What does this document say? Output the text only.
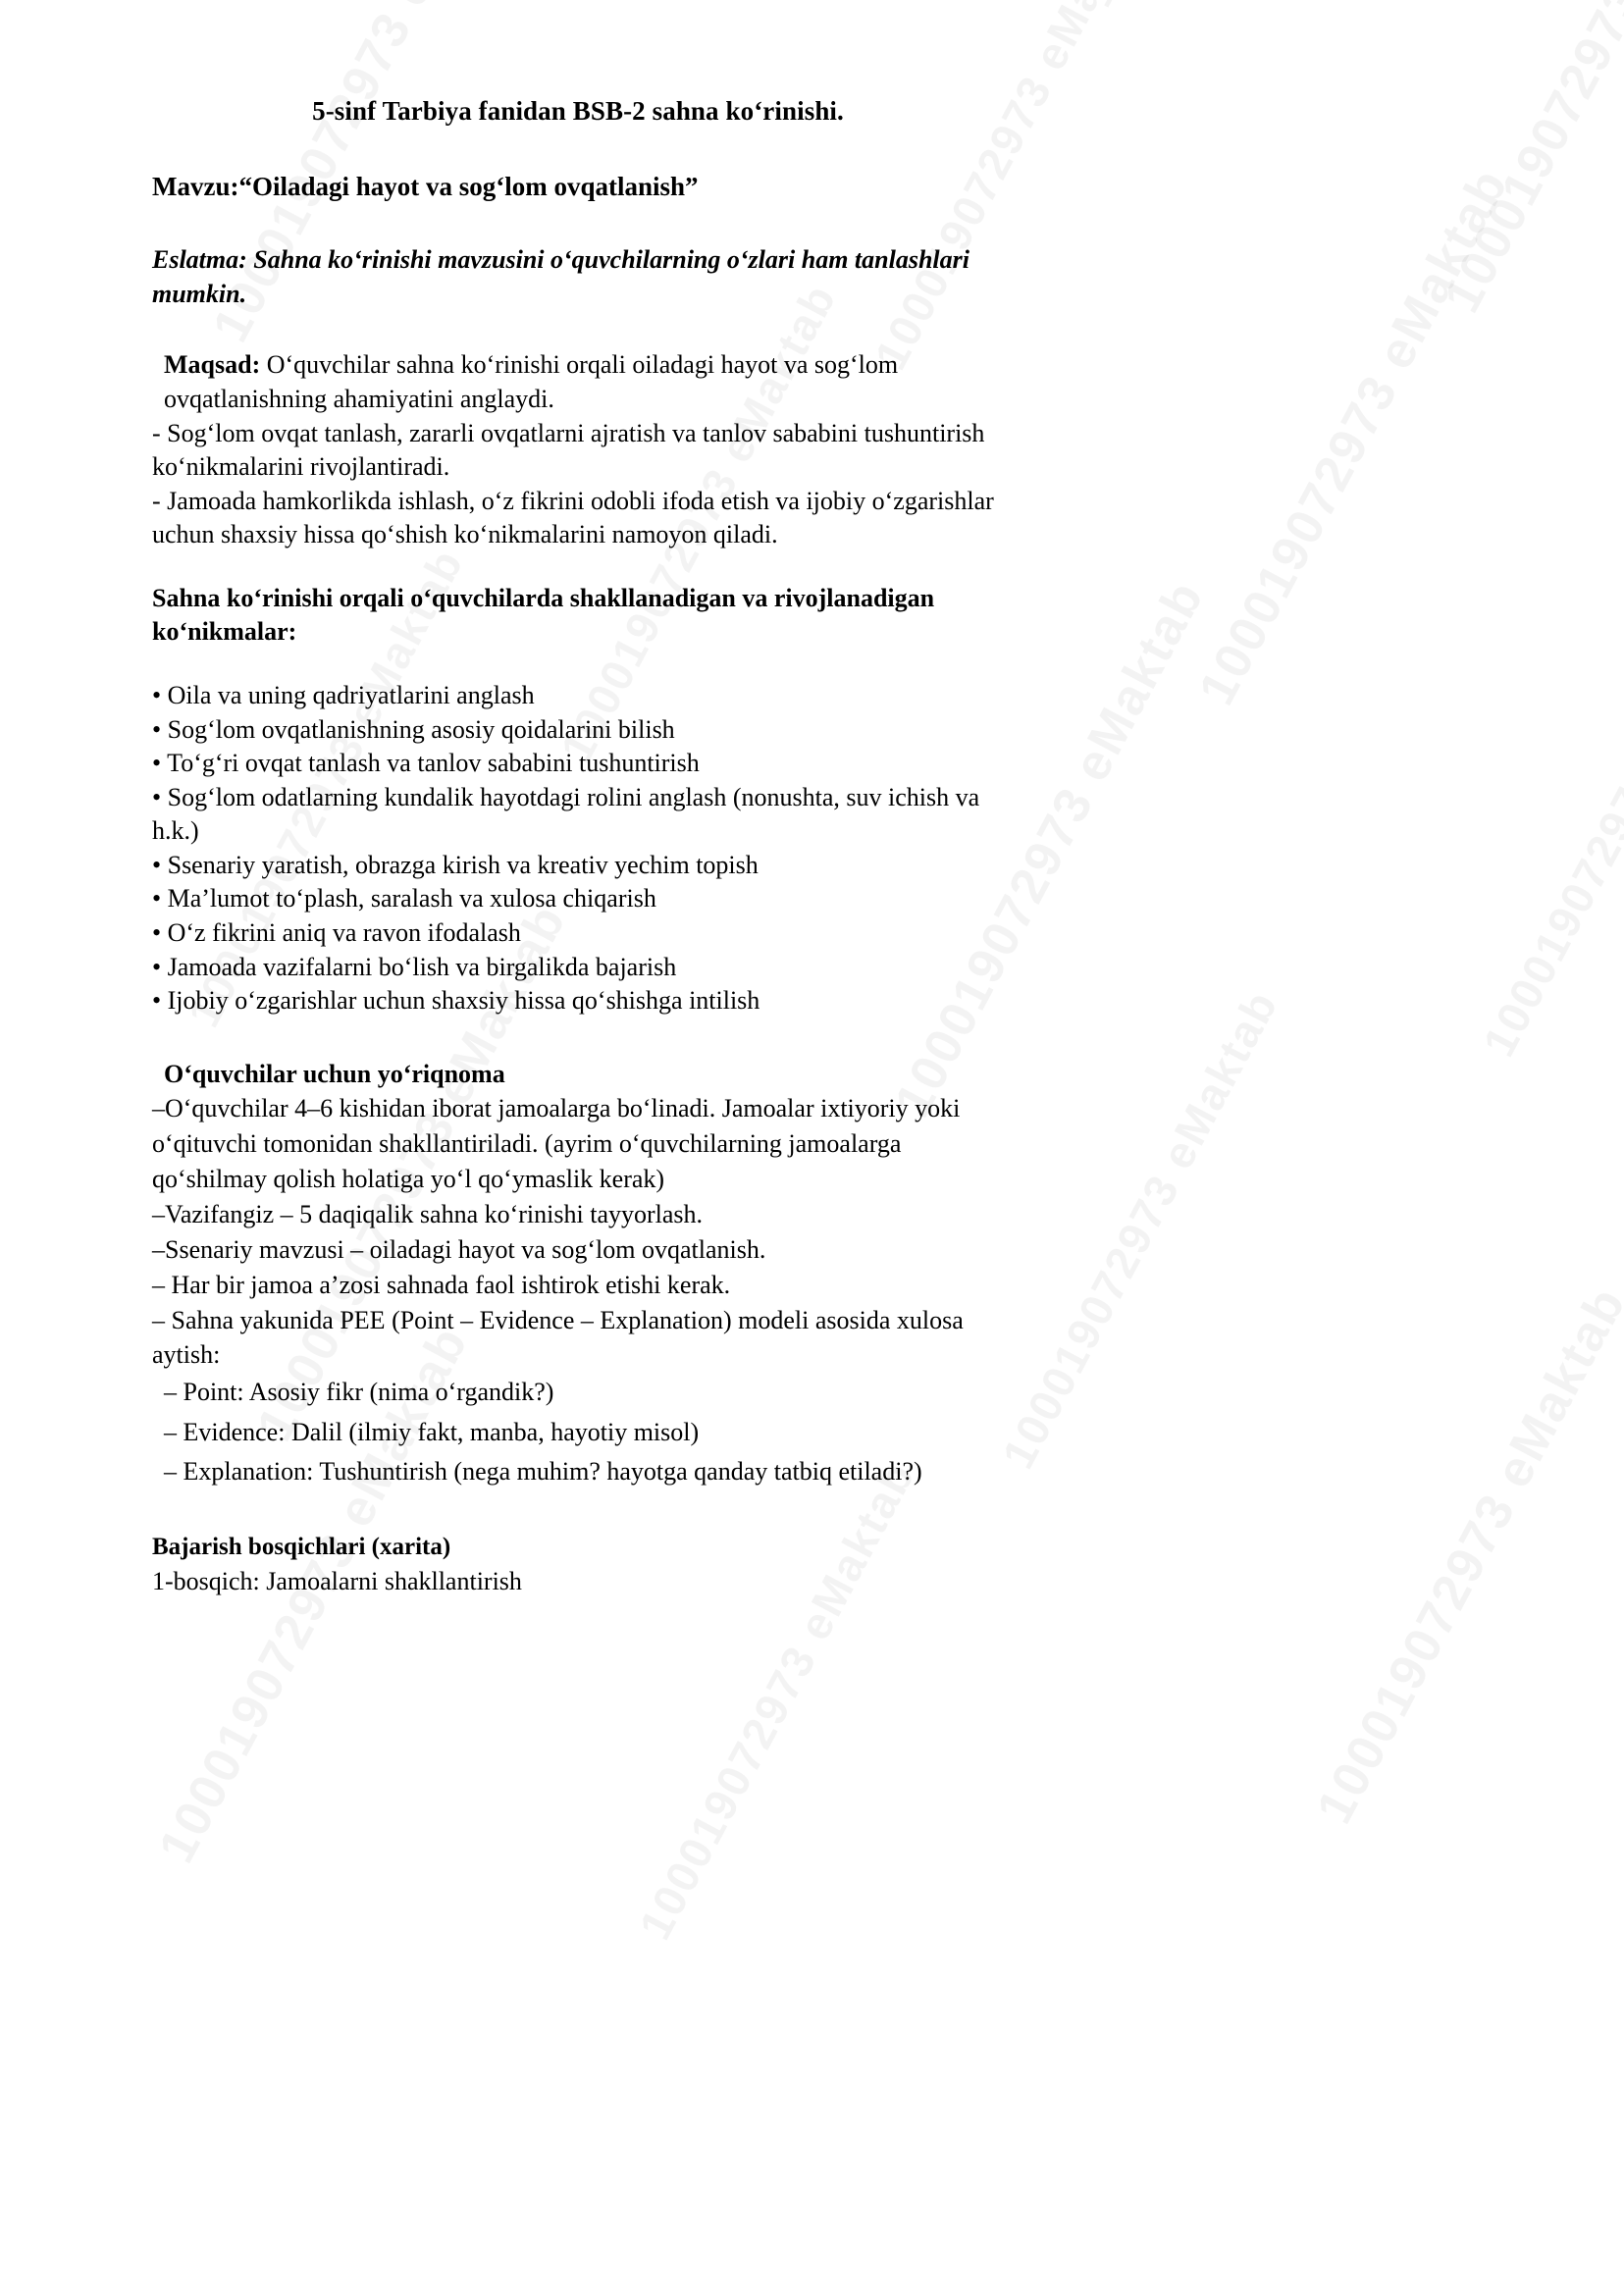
5-sinf Tarbiya fanidan BSB-2 sahna ko‘rinishi.
Mavzu:“Oiladagi hayot va sog‘lom ovqatlanish”
Eslatma: Sahna ko‘rinishi mavzusini o‘quvchilarning o‘zlari ham tanlashlari mumkin.

Maqsad: O‘quvchilar sahna ko‘rinishi orqali oiladagi hayot va sog‘lom ovqatlanishning ahamiyatini anglaydi.

- Sog‘lom ovqat tanlash, zararli ovqatlarni ajratish va tanlov sababini tushuntirish ko‘nikmalarini rivojlantiradi.
- Jamoada hamkorlikda ishlash, o‘z fikrini odobli ifoda etish va ijobiy o‘zgarishlar uchun shaxsiy hissa qo‘shish ko‘nikmalarini namoyon qiladi.
Sahna ko‘rinishi orqali o‘quvchilarda shakllanadigan va rivojlanadigan ko‘nikmalar:
• Oila va uning qadriyatlarini anglash
• Sog‘lom ovqatlanishning asosiy qoidalarini bilish
• To‘g‘ri ovqat tanlash va tanlov sababini tushuntirish
• Sog‘lom odatlarning kundalik hayotdagi rolini anglash (nonushta, suv ichish va h.k.)
• Ssenariy yaratish, obrazga kirish va kreativ yechim topish
• Ma’lumot to‘plash, saralash va xulosa chiqarish
• O‘z fikrini aniq va ravon ifodalash
• Jamoada vazifalarni bo‘lish va birgalikda bajarish
• Ijobiy o‘zgarishlar uchun shaxsiy hissa qo‘shishga intilish
O‘quvchilar uchun yo‘riqnoma
–O‘quvchilar 4–6 kishidan iborat jamoalarga bo‘linadi. Jamoalar ixtiyoriy yoki o‘qituvchi tomonidan shakllantiriladi. (ayrim o‘quvchilarning jamoalarga qo‘shilmay qolish holatiga yo‘l qo‘ymaslik kerak)
–Vazifangiz – 5 daqiqalik sahna ko‘rinishi tayyorlash.
–Ssenariy mavzusi – oiladagi hayot va sog‘lom ovqatlanish.
– Har bir jamoa a’zosi sahnada faol ishtirok etishi kerak.
– Sahna yakunida PEE (Point – Evidence – Explanation) modeli asosida xulosa aytish:
– Point: Asosiy fikr (nima o‘rgandik?)
– Evidence: Dalil (ilmiy fakt, manba, hayotiy misol)
– Explanation: Tushuntirish (nega muhim? hayotga qanday tatbiq etiladi?)
Bajarish bosqichlari (xarita)
1-bosqich: Jamoalarni shakllantirish
